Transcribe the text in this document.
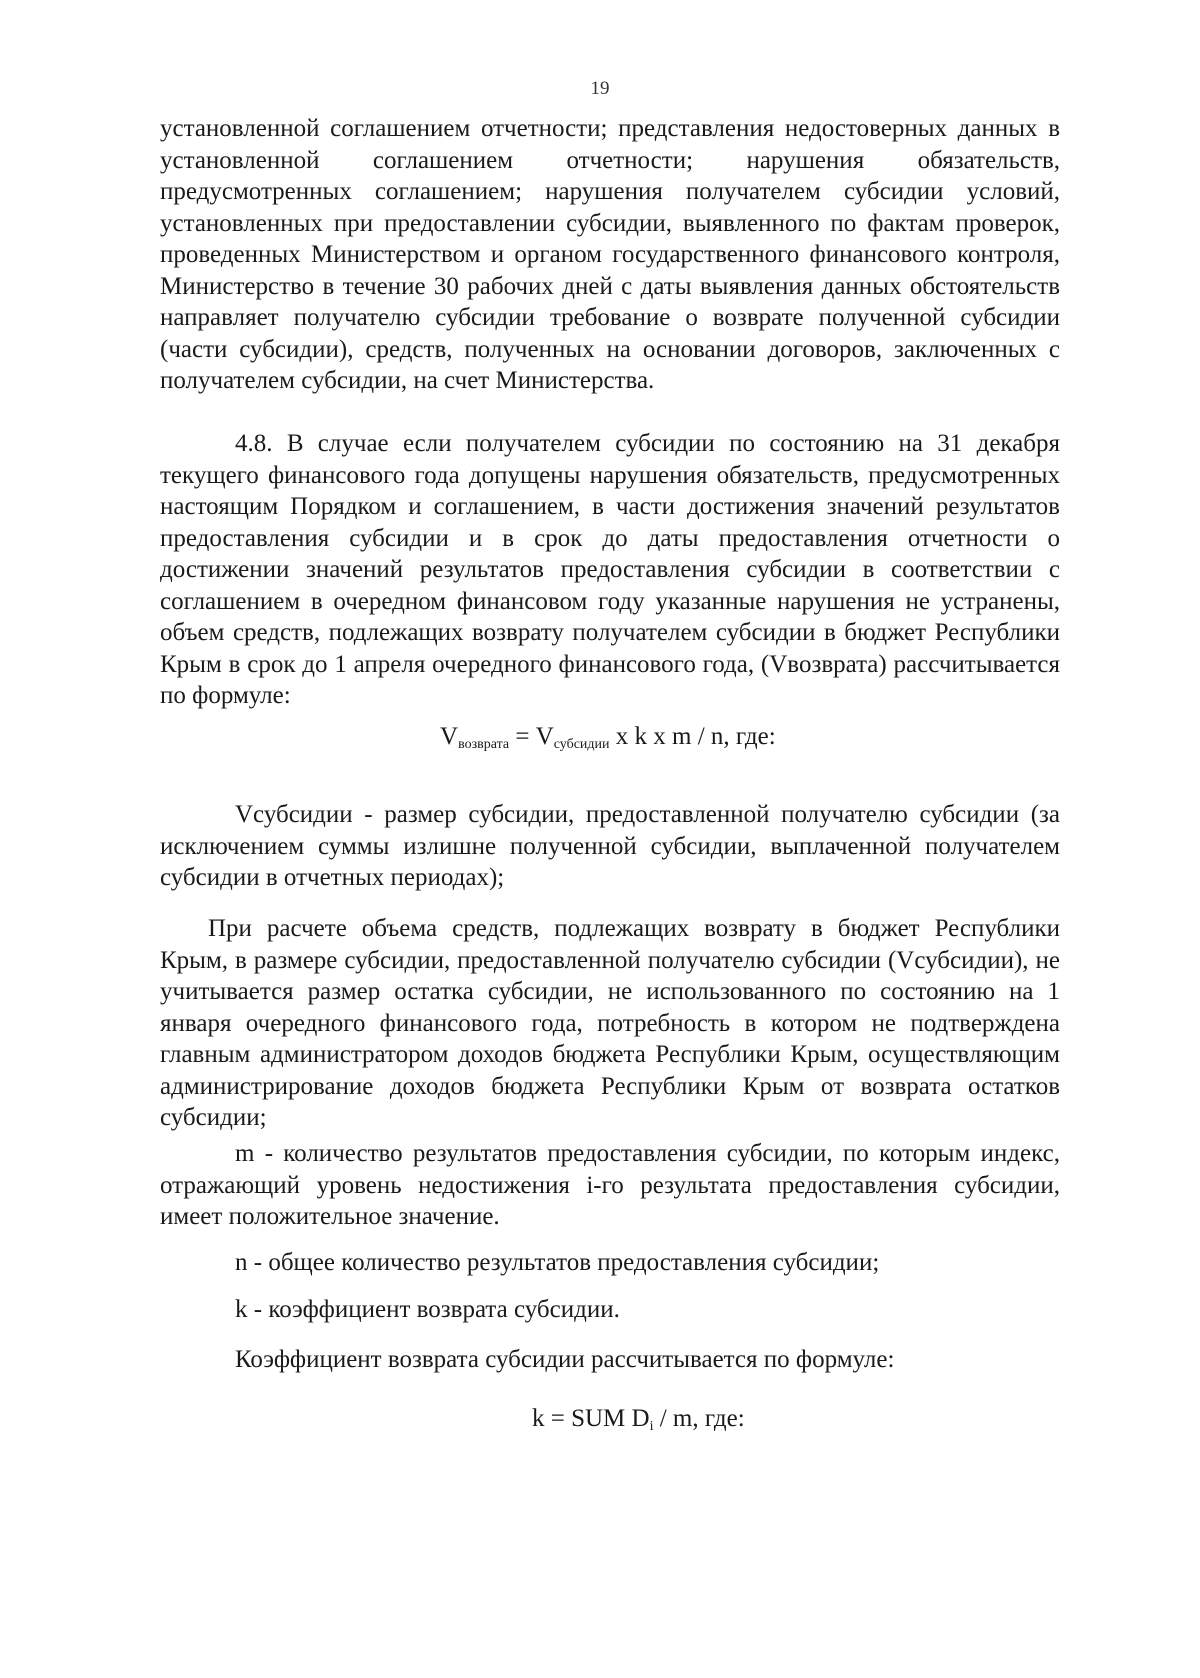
19
установленной соглашением отчетности; представления недостоверных данных в установленной соглашением отчетности; нарушения обязательств, предусмотренных соглашением; нарушения получателем субсидии условий, установленных при предоставлении субсидии, выявленного по фактам проверок, проведенных Министерством и органом государственного финансового контроля, Министерство в течение 30 рабочих дней с даты выявления данных обстоятельств направляет получателю субсидии требование о возврате полученной субсидии (части субсидии), средств, полученных на основании договоров, заключенных с получателем субсидии, на счет Министерства.
4.8. В случае если получателем субсидии по состоянию на 31 декабря текущего финансового года допущены нарушения обязательств, предусмотренных настоящим Порядком и соглашением, в части достижения значений результатов предоставления субсидии и в срок до даты предоставления отчетности о достижении значений результатов предоставления субсидии в соответствии с соглашением в очередном финансовом году указанные нарушения не устранены, объем средств, подлежащих возврату получателем субсидии в бюджет Республики Крым в срок до 1 апреля очередного финансового года, (Vвозврата) рассчитывается по формуле:
$V_{возврата} = V_{субсидии}$ x k x m / n, где:
Vсубсидии - размер субсидии, предоставленной получателю субсидии (за исключением суммы излишне полученной субсидии, выплаченной получателем субсидии в отчетных периодах);
При расчете объема средств, подлежащих возврату в бюджет Республики Крым, в размере субсидии, предоставленной получателю субсидии (Vсубсидии), не учитывается размер остатка субсидии, не использованного по состоянию на 1 января очередного финансового года, потребность в котором не подтверждена главным администратором доходов бюджета Республики Крым, осуществляющим администрирование доходов бюджета Республики Крым от возврата остатков субсидии;
m - количество результатов предоставления субсидии, по которым индекс, отражающий уровень недостижения i-го результата предоставления субсидии, имеет положительное значение.
n - общее количество результатов предоставления субсидии;
k - коэффициент возврата субсидии.
Коэффициент возврата субсидии рассчитывается по формуле:
k = SUM $D_i$ / m, где:
